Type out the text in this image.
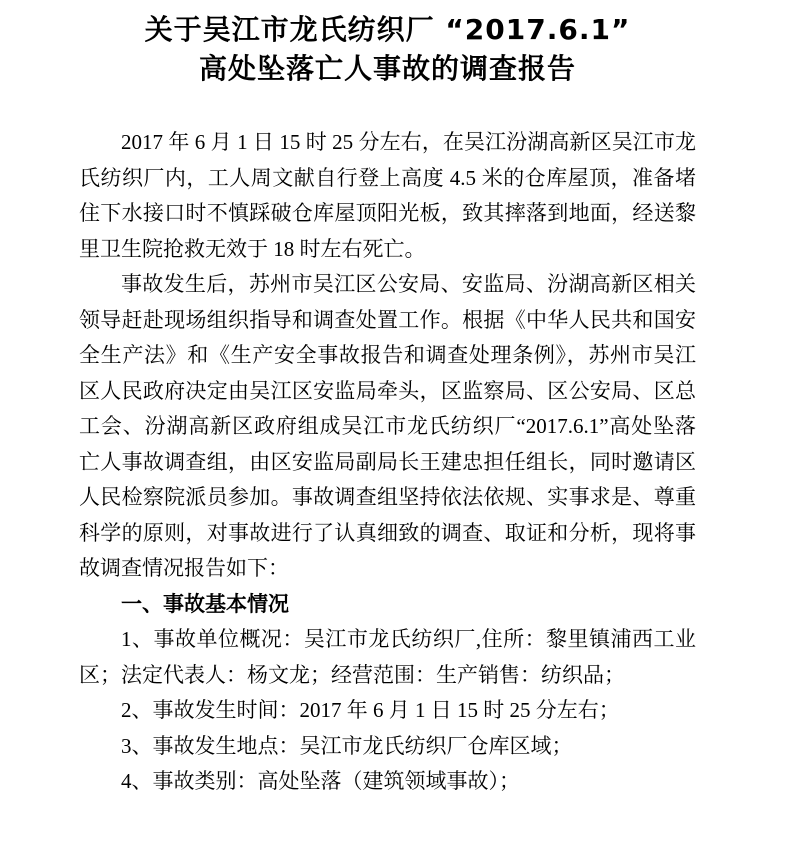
关于吴江市龙氏纺织厂 “2017.6.1”
高处坠落亡人事故的调查报告

2017 年 6 月 1 日 15 时 25 分左右，在吴江汾湖高新区吴江市龙氏纺织厂内，工人周文献自行登上高度 4.5 米的仓库屋顶，准备堵住下水接口时不慎踩破仓库屋顶阳光板，致其摔落到地面，经送黎里卫生院抢救无效于 18 时左右死亡。

事故发生后，苏州市吴江区公安局、安监局、汾湖高新区相关领导赶赴现场组织指导和调查处置工作。根据《中华人民共和国安全生产法》和《生产安全事故报告和调查处理条例》，苏州市吴江区人民政府决定由吴江区安监局牵头，区监察局、区公安局、区总工会、汾湖高新区政府组成吴江市龙氏纺织厂“2017.6.1”高处坠落亡人事故调查组，由区安监局副局长王建忠担任组长，同时邀请区人民检察院派员参加。事故调查组坚持依法依规、实事求是、尊重科学的原则，对事故进行了认真细致的调查、取证和分析，现将事故调查情况报告如下：

一、事故基本情况

1、事故单位概况：吴江市龙氏纺织厂,住所：黎里镇浦西工业区；法定代表人：杨文龙；经营范围：生产销售：纺织品；

2、事故发生时间：2017 年 6 月 1 日 15 时 25 分左右；

3、事故发生地点：吴江市龙氏纺织厂仓库区域；

4、事故类别：高处坠落（建筑领域事故）；
